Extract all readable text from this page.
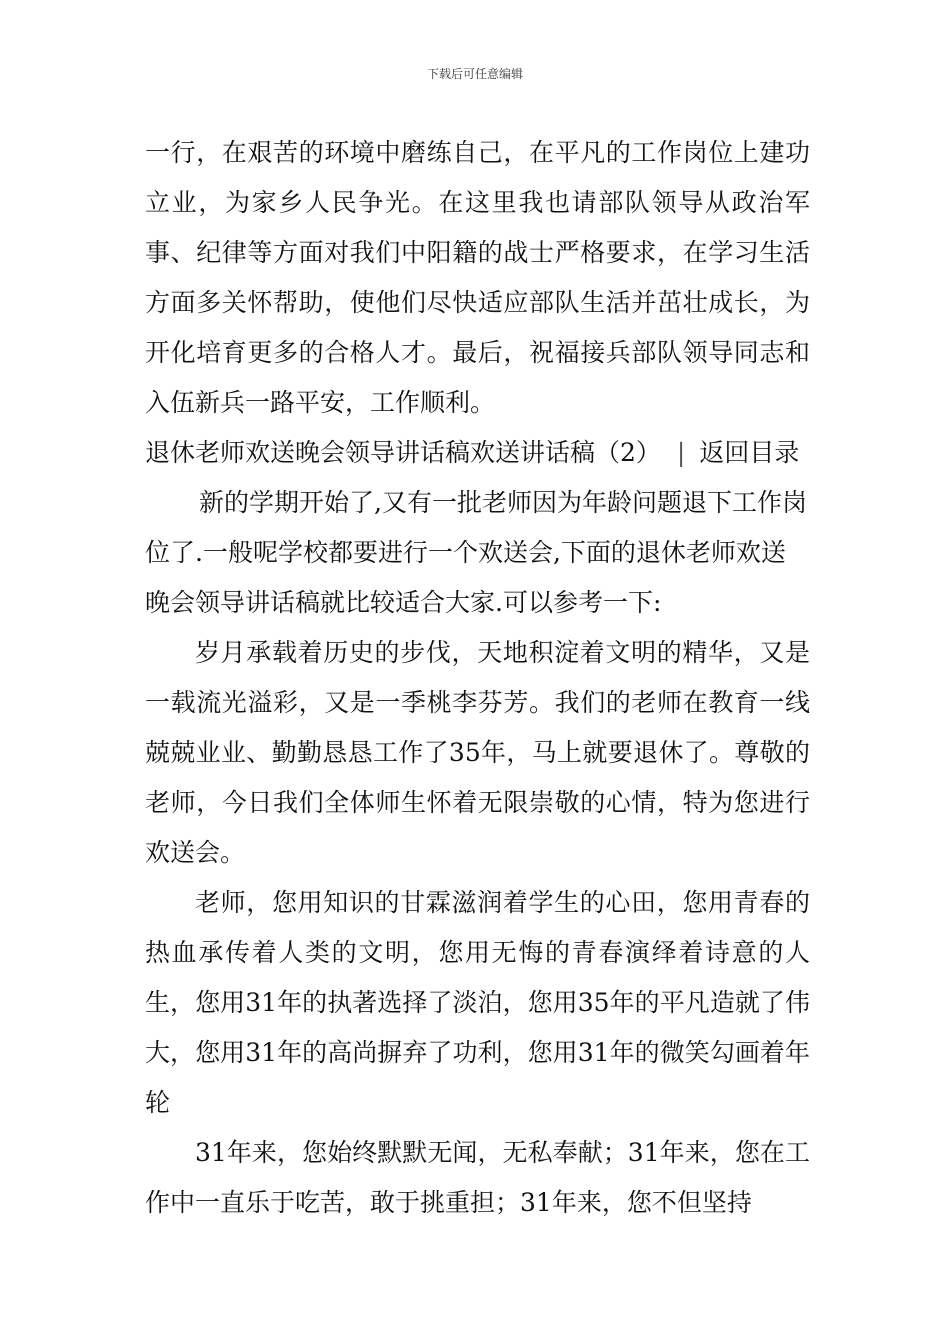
下载后可任意编辑

一行，在艰苦的环境中磨练自己，在平凡的工作岗位上建功立业，为家乡人民争光。在这里我也请部队领导从政治军事、纪律等方面对我们中阳籍的战士严格要求，在学习生活方面多关怀帮助，使他们尽快适应部队生活并茁壮成长，为开化培育更多的合格人才。最后，祝福接兵部队领导同志和入伍新兵一路平安，工作顺利。

退休老师欢送晚会领导讲话稿欢送讲话稿（2） | 返回目录新的学期开始了,又有一批老师因为年龄问题退下工作岗位了.一般呢学校都要进行一个欢送会,下面的退休老师欢送晚会领导讲话稿就比较适合大家.可以参考一下:

岁月承载着历史的步伐，天地积淀着文明的精华，又是一载流光溢彩，又是一季桃李芬芳。我们的老师在教育一线兢兢业业、勤勤恳恳工作了35年，马上就要退休了。尊敬的老师，今日我们全体师生怀着无限崇敬的心情，特为您进行欢送会。

老师，您用知识的甘霖滋润着学生的心田，您用青春的热血承传着人类的文明，您用无悔的青春演绎着诗意的人生，您用31年的执著选择了淡泊，您用35年的平凡造就了伟大，您用31年的高尚摒弃了功利，您用31年的微笑勾画着年轮

31年来，您始终默默无闻，无私奉献；31年来，您在工作中一直乐于吃苦，敢于挑重担；31年来，您不但坚持
